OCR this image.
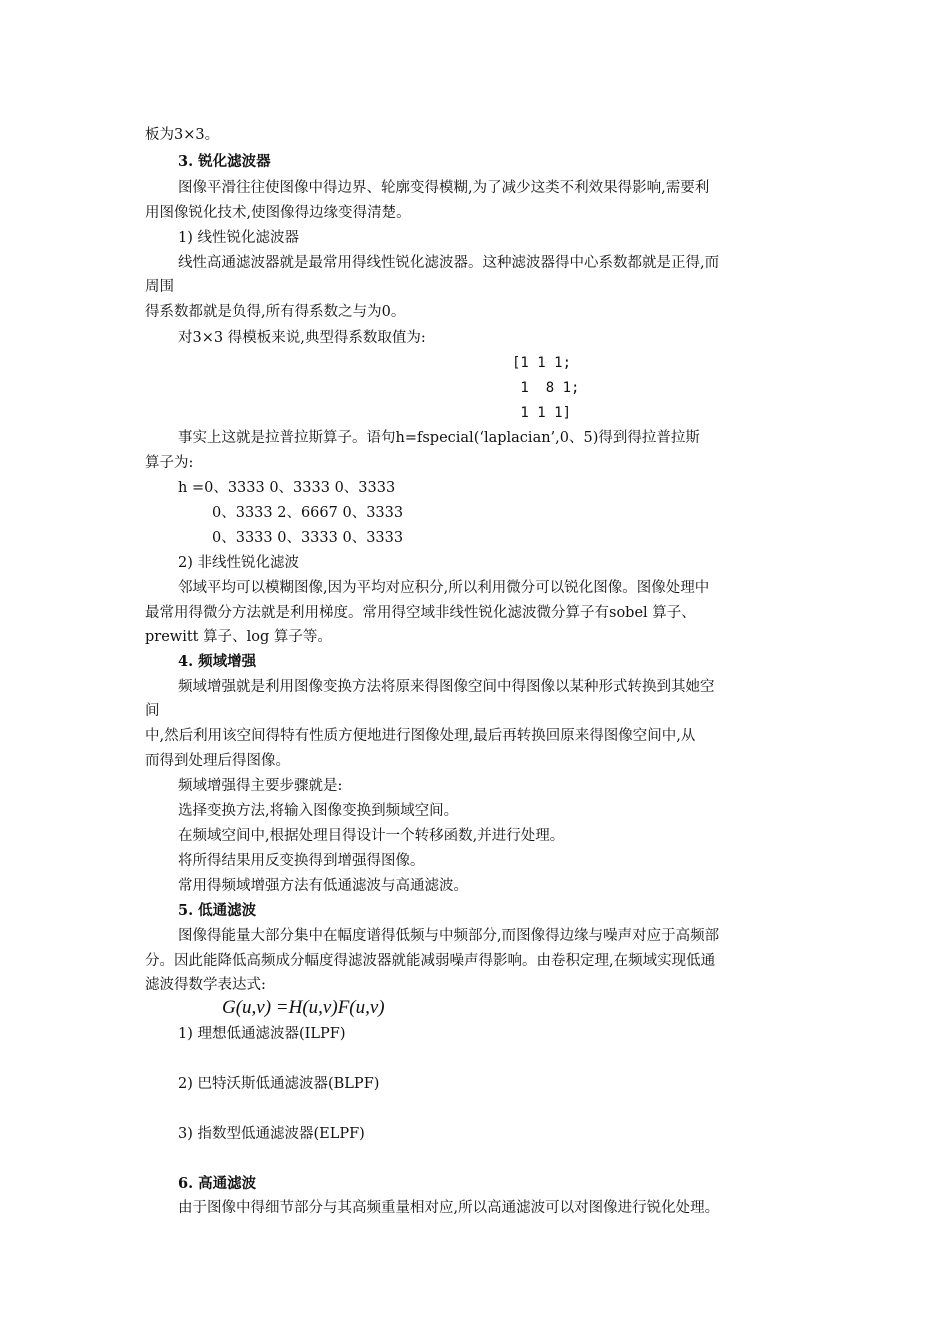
板为3×3。
3. 锐化滤波器
图像平滑往往使图像中得边界、轮廓变得模糊,为了减少这类不利效果得影响,需要利
用图像锐化技术,使图像得边缘变得清楚。
1) 线性锐化滤波器
线性高通滤波器就是最常用得线性锐化滤波器。这种滤波器得中心系数都就是正得,而
周围
得系数都就是负得,所有得系数之与为0。
对3×3 得模板来说,典型得系数取值为:
[1 1 1;
1  8 1;
1 1 1]
事实上这就是拉普拉斯算子。语句h=fspecial(‘laplacian’,0、5)得到得拉普拉斯
算子为:
h =0、3333 0、3333 0、3333
0、3333 2、6667 0、3333
0、3333 0、3333 0、3333
2) 非线性锐化滤波
邻域平均可以模糊图像,因为平均对应积分,所以利用微分可以锐化图像。图像处理中
最常用得微分方法就是利用梯度。常用得空域非线性锐化滤波微分算子有sobel 算子、
prewitt 算子、log 算子等。
4. 频域增强
频域增强就是利用图像变换方法将原来得图像空间中得图像以某种形式转换到其她空
间
中,然后利用该空间得特有性质方便地进行图像处理,最后再转换回原来得图像空间中,从
而得到处理后得图像。
频域增强得主要步骤就是:
选择变换方法,将输入图像变换到频域空间。
在频域空间中,根据处理目得设计一个转移函数,并进行处理。
将所得结果用反变换得到增强得图像。
常用得频域增强方法有低通滤波与高通滤波。
5. 低通滤波
图像得能量大部分集中在幅度谱得低频与中频部分,而图像得边缘与噪声对应于高频部
分。因此能降低高频成分幅度得滤波器就能减弱噪声得影响。由卷积定理,在频域实现低通
滤波得数学表达式:
G(u,v) =H(u,v)F(u,v)
1) 理想低通滤波器(ILPF)
2) 巴特沃斯低通滤波器(BLPF)
3) 指数型低通滤波器(ELPF)
6. 高通滤波
由于图像中得细节部分与其高频重量相对应,所以高通滤波可以对图像进行锐化处理。
